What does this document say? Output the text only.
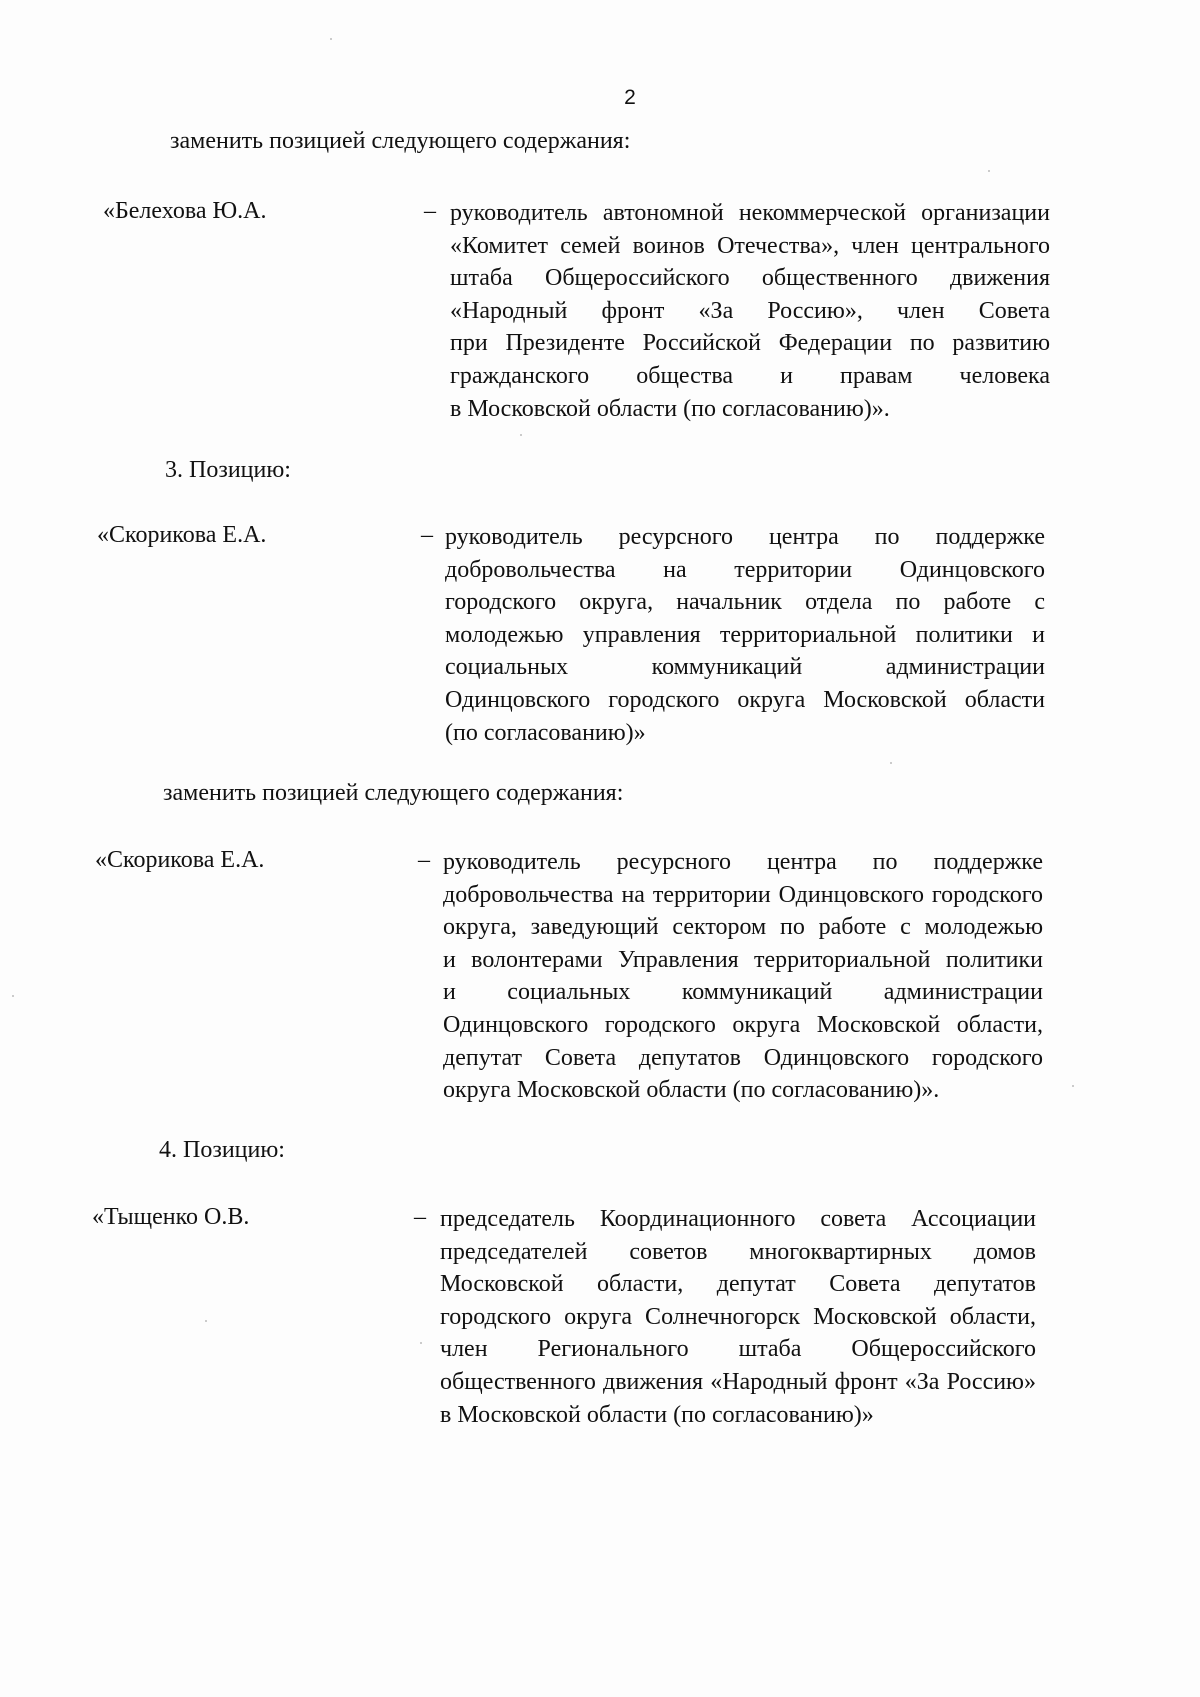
2
заменить позицией следующего содержания:
«Белехова Ю.А.	– руководитель автономной некоммерческой организации
«Комитет семей воинов Отечества», член центрального
штаба Общероссийского общественного движения
«Народный фронт «За Россию», член Совета
при Президенте Российской Федерации по развитию
гражданского общества и правам человека
в Московской области (по согласованию)».
3. Позицию:
«Скорикова Е.А.	– руководитель ресурсного центра по поддержке
добровольчества на территории Одинцовского
городского округа, начальник отдела по работе с
молодежью управления территориальной политики и
социальных коммуникаций администрации
Одинцовского городского округа Московской области
(по согласованию)»
заменить позицией следующего содержания:
«Скорикова Е.А.	– руководитель ресурсного центра по поддержке
добровольчества на территории Одинцовского городского
округа, заведующий сектором по работе с молодежью
и волонтерами Управления территориальной политики
и социальных коммуникаций администрации
Одинцовского городского округа Московской области,
депутат Совета депутатов Одинцовского городского
округа Московской области (по согласованию)».
4. Позицию:
«Тыщенко О.В.	– председатель Координационного совета Ассоциации
председателей советов многоквартирных домов
Московской области, депутат Совета депутатов
городского округа Солнечногорск Московской области,
член Регионального штаба Общероссийского
общественного движения «Народный фронт «За Россию»
в Московской области (по согласованию)»
